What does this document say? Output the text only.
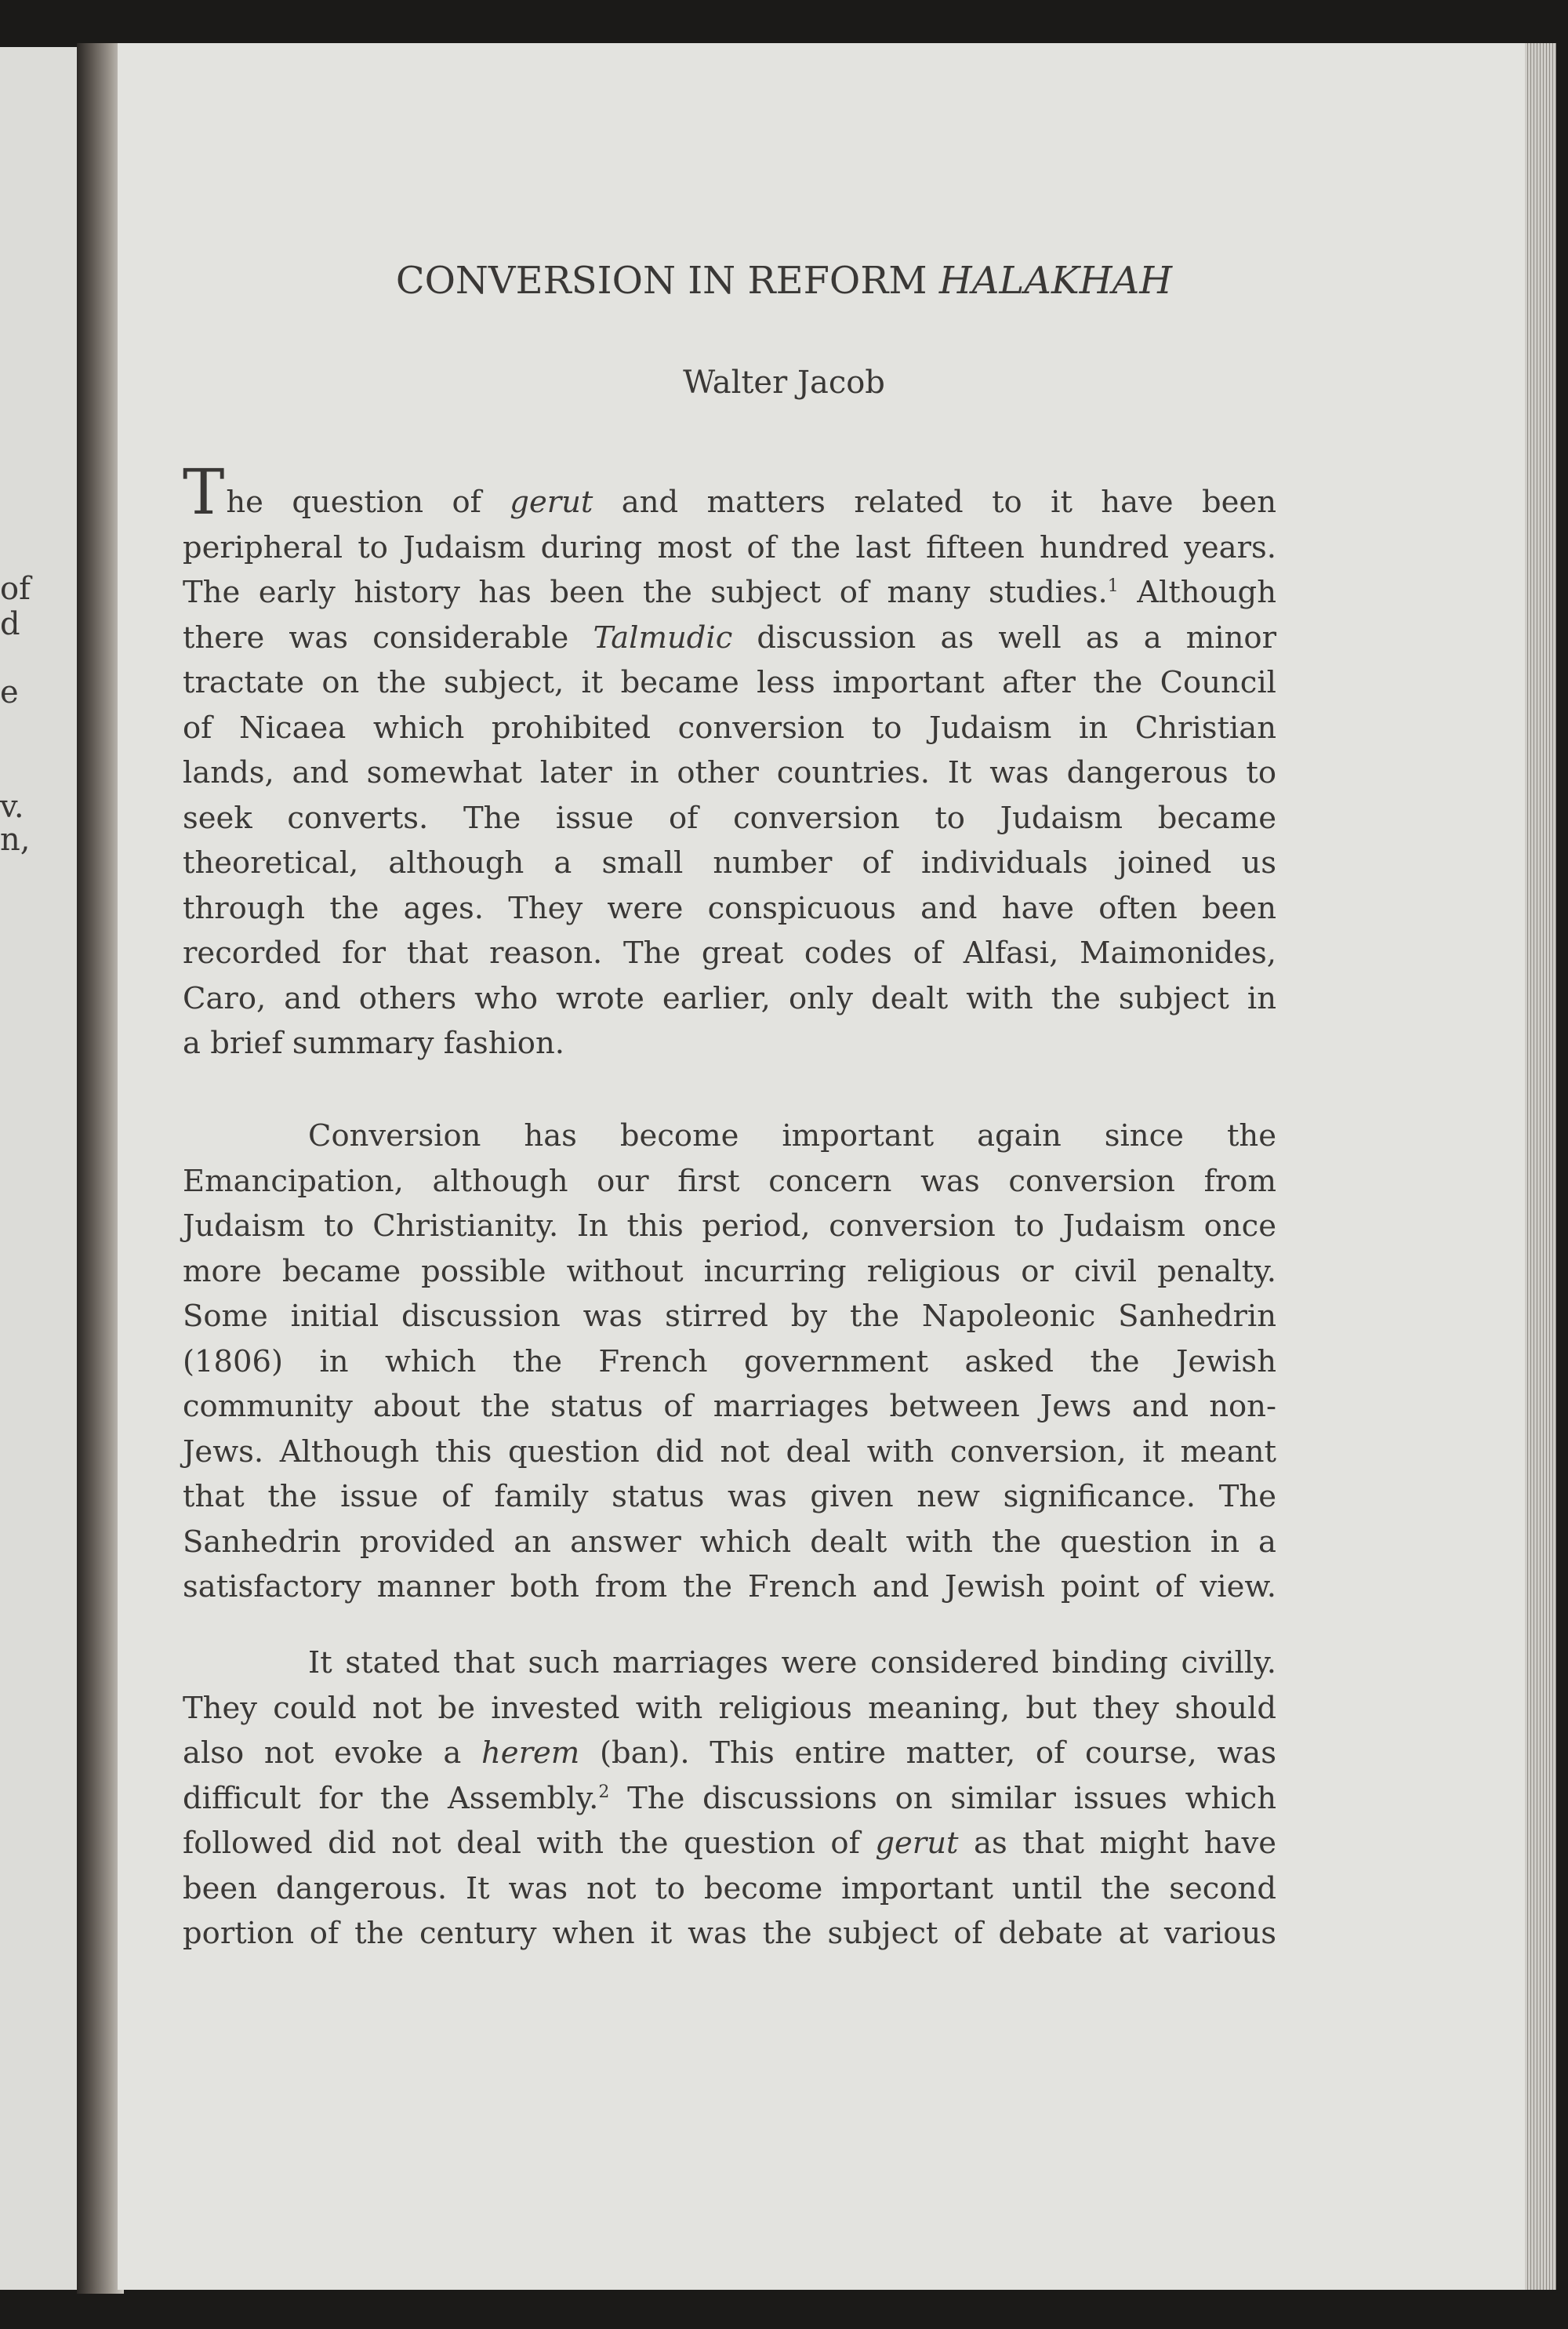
of
d
e
v.
n,
CONVERSION IN REFORM HALAKHAH
Walter Jacob
The question of gerut and matters related to it have been
peripheral to Judaism during most of the last fifteen hundred years.
The early history has been the subject of many studies.$^1$ Although
there was considerable Talmudic discussion as well as a minor
tractate on the subject, it became less important after the Council
of Nicaea which prohibited conversion to Judaism in Christian
lands, and somewhat later in other countries. It was dangerous to
seek converts. The issue of conversion to Judaism became
theoretical, although a small number of individuals joined us
through the ages. They were conspicuous and have often been
recorded for that reason. The great codes of Alfasi, Maimonides,
Caro, and others who wrote earlier, only dealt with the subject in
a brief summary fashion.
Conversion has become important again since the
Emancipation, although our first concern was conversion from
Judaism to Christianity. In this period, conversion to Judaism once
more became possible without incurring religious or civil penalty.
Some initial discussion was stirred by the Napoleonic Sanhedrin
(1806) in which the French government asked the Jewish
community about the status of marriages between Jews and non-
Jews. Although this question did not deal with conversion, it meant
that the issue of family status was given new significance. The
Sanhedrin provided an answer which dealt with the question in a
satisfactory manner both from the French and Jewish point of view.
It stated that such marriages were considered binding civilly.
They could not be invested with religious meaning, but they should
also not evoke a herem (ban). This entire matter, of course, was
difficult for the Assembly.$^2$ The discussions on similar issues which
followed did not deal with the question of gerut as that might have
been dangerous. It was not to become important until the second
portion of the century when it was the subject of debate at various
